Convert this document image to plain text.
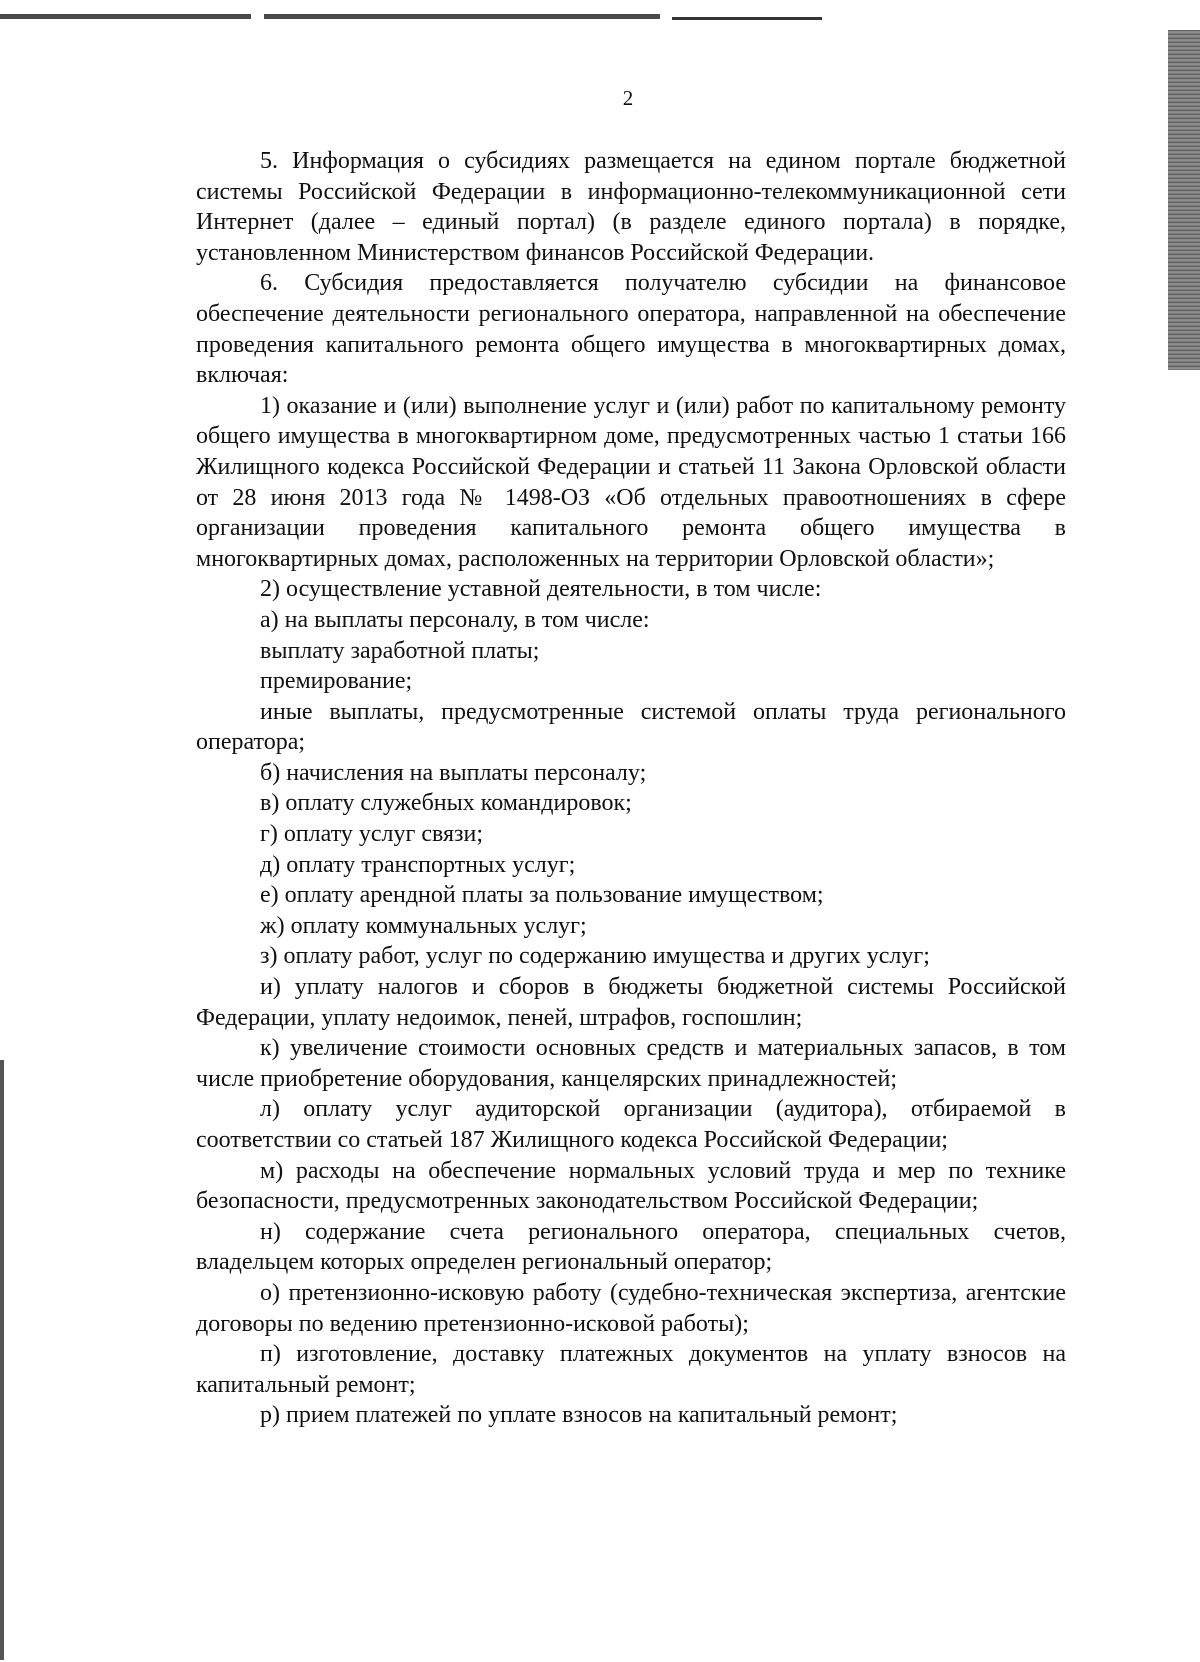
2

5. Информация о субсидиях размещается на едином портале бюджетной системы Российской Федерации в информационно-телекоммуникационной сети Интернет (далее – единый портал) (в разделе единого портала) в порядке, установленном Министерством финансов Российской Федерации.

6. Субсидия предоставляется получателю субсидии на финансовое обеспечение деятельности регионального оператора, направленной на обеспечение проведения капитального ремонта общего имущества в многоквартирных домах, включая:

1) оказание и (или) выполнение услуг и (или) работ по капитальному ремонту общего имущества в многоквартирном доме, предусмотренных частью 1 статьи 166 Жилищного кодекса Российской Федерации и статьей 11 Закона Орловской области от 28 июня 2013 года № 1498-ОЗ «Об отдельных правоотношениях в сфере организации проведения капитального ремонта общего имущества в многоквартирных домах, расположенных на территории Орловской области»;

2) осуществление уставной деятельности, в том числе:

а) на выплаты персоналу, в том числе:

выплату заработной платы;

премирование;

иные выплаты, предусмотренные системой оплаты труда регионального оператора;

б) начисления на выплаты персоналу;

в) оплату служебных командировок;

г) оплату услуг связи;

д) оплату транспортных услуг;

е) оплату арендной платы за пользование имуществом;

ж) оплату коммунальных услуг;

з) оплату работ, услуг по содержанию имущества и других услуг;

и) уплату налогов и сборов в бюджеты бюджетной системы Российской Федерации, уплату недоимок, пеней, штрафов, госпошлин;

к) увеличение стоимости основных средств и материальных запасов, в том числе приобретение оборудования, канцелярских принадлежностей;

л) оплату услуг аудиторской организации (аудитора), отбираемой в соответствии со статьей 187 Жилищного кодекса Российской Федерации;

м) расходы на обеспечение нормальных условий труда и мер по технике безопасности, предусмотренных законодательством Российской Федерации;

н) содержание счета регионального оператора, специальных счетов, владельцем которых определен региональный оператор;

о) претензионно-исковую работу (судебно-техническая экспертиза, агентские договоры по ведению претензионно-исковой работы);

п) изготовление, доставку платежных документов на уплату взносов на капитальный ремонт;

р) прием платежей по уплате взносов на капитальный ремонт;
